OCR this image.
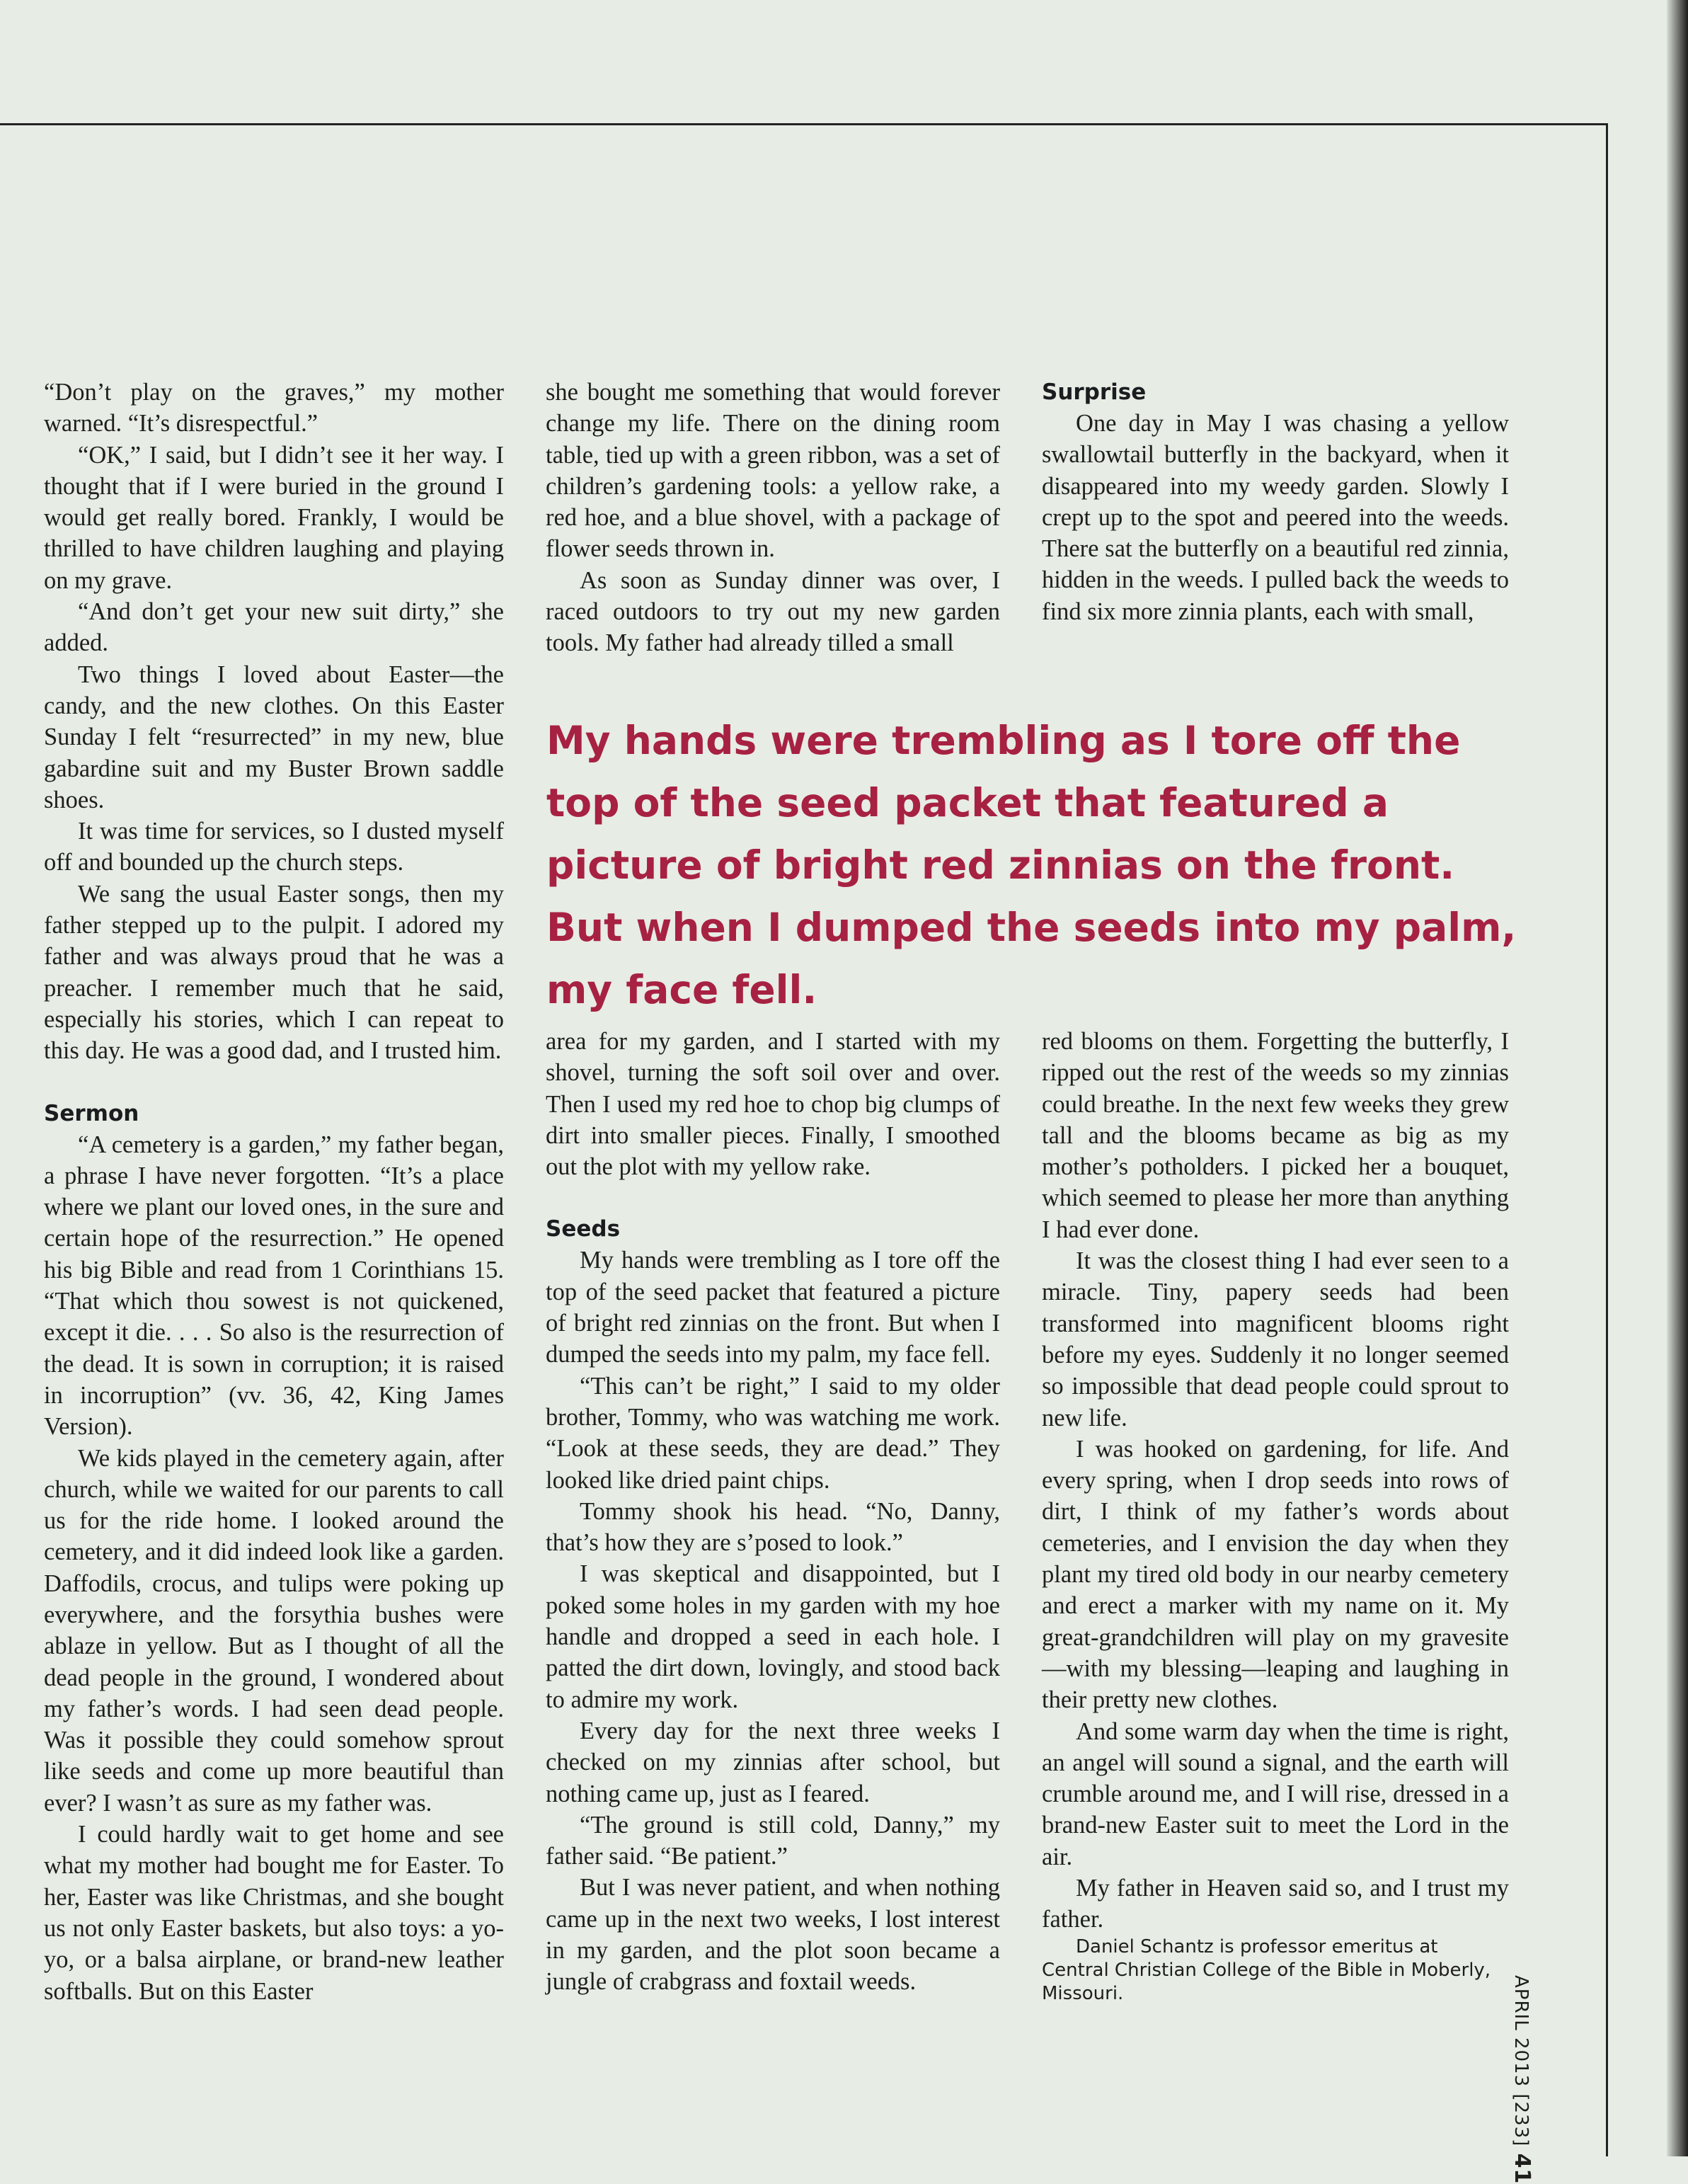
“Don’t play on the graves,” my mother warned. “It’s disrespectful.”

“OK,” I said, but I didn’t see it her way. I thought that if I were buried in the ground I would get really bored. Frankly, I would be thrilled to have children laughing and playing on my grave.

“And don’t get your new suit dirty,” she added.

Two things I loved about Easter—the candy, and the new clothes. On this Easter Sunday I felt “resurrected” in my new, blue gabardine suit and my Buster Brown saddle shoes.

It was time for services, so I dusted myself off and bounded up the church steps.

We sang the usual Easter songs, then my father stepped up to the pulpit. I adored my father and was always proud that he was a preacher. I remember much that he said, especially his stories, which I can repeat to this day. He was a good dad, and I trusted him.

Sermon

“A cemetery is a garden,” my father began, a phrase I have never forgotten. “It’s a place where we plant our loved ones, in the sure and certain hope of the resurrection.” He opened his big Bible and read from 1 Corinthians 15. “That which thou sowest is not quickened, except it die. . . . So also is the resurrection of the dead. It is sown in corruption; it is raised in incorruption” (vv. 36, 42, King James Version).

We kids played in the cemetery again, after church, while we waited for our parents to call us for the ride home. I looked around the cemetery, and it did indeed look like a garden. Daffodils, crocus, and tulips were poking up everywhere, and the forsythia bushes were ablaze in yellow. But as I thought of all the dead people in the ground, I wondered about my father’s words. I had seen dead people. Was it possible they could somehow sprout like seeds and come up more beautiful than ever? I wasn’t as sure as my father was.

I could hardly wait to get home and see what my mother had bought me for Easter. To her, Easter was like Christmas, and she bought us not only Easter baskets, but also toys: a yo-yo, or a balsa airplane, or brand-new leather softballs. But on this Easter

she bought me something that would forever change my life. There on the dining room table, tied up with a green ribbon, was a set of children’s gardening tools: a yellow rake, a red hoe, and a blue shovel, with a package of flower seeds thrown in.

As soon as Sunday dinner was over, I raced outdoors to try out my new garden tools. My father had already tilled a small

Surprise

One day in May I was chasing a yellow swallowtail butterfly in the backyard, when it disappeared into my weedy garden. Slowly I crept up to the spot and peered into the weeds. There sat the butterfly on a beautiful red zinnia, hidden in the weeds. I pulled back the weeds to find six more zinnia plants, each with small,

My hands were trembling as I tore off the top of the seed packet that featured a picture of bright red zinnias on the front. But when I dumped the seeds into my palm, my face fell.

area for my garden, and I started with my shovel, turning the soft soil over and over. Then I used my red hoe to chop big clumps of dirt into smaller pieces. Finally, I smoothed out the plot with my yellow rake.

Seeds

My hands were trembling as I tore off the top of the seed packet that featured a picture of bright red zinnias on the front. But when I dumped the seeds into my palm, my face fell.

“This can’t be right,” I said to my older brother, Tommy, who was watching me work. “Look at these seeds, they are dead.” They looked like dried paint chips.

Tommy shook his head. “No, Danny, that’s how they are s’posed to look.”

I was skeptical and disappointed, but I poked some holes in my garden with my hoe handle and dropped a seed in each hole. I patted the dirt down, lovingly, and stood back to admire my work.

Every day for the next three weeks I checked on my zinnias after school, but nothing came up, just as I feared.

“The ground is still cold, Danny,” my father said. “Be patient.”

But I was never patient, and when nothing came up in the next two weeks, I lost interest in my garden, and the plot soon became a jungle of crabgrass and foxtail weeds.

red blooms on them. Forgetting the butterfly, I ripped out the rest of the weeds so my zinnias could breathe. In the next few weeks they grew tall and the blooms became as big as my mother’s potholders. I picked her a bouquet, which seemed to please her more than anything I had ever done.

It was the closest thing I had ever seen to a miracle. Tiny, papery seeds had been transformed into magnificent blooms right before my eyes. Suddenly it no longer seemed so impossible that dead people could sprout to new life.

I was hooked on gardening, for life. And every spring, when I drop seeds into rows of dirt, I think of my father’s words about cemeteries, and I envision the day when they plant my tired old body in our nearby cemetery and erect a marker with my name on it. My great-grandchildren will play on my gravesite—with my blessing—leaping and laughing in their pretty new clothes.

And some warm day when the time is right, an angel will sound a signal, and the earth will crumble around me, and I will rise, dressed in a brand-new Easter suit to meet the Lord in the air.

My father in Heaven said so, and I trust my father.

Daniel Schantz is professor emeritus at Central Christian College of the Bible in Moberly, Missouri.	APRIL 2013 [233] 41
